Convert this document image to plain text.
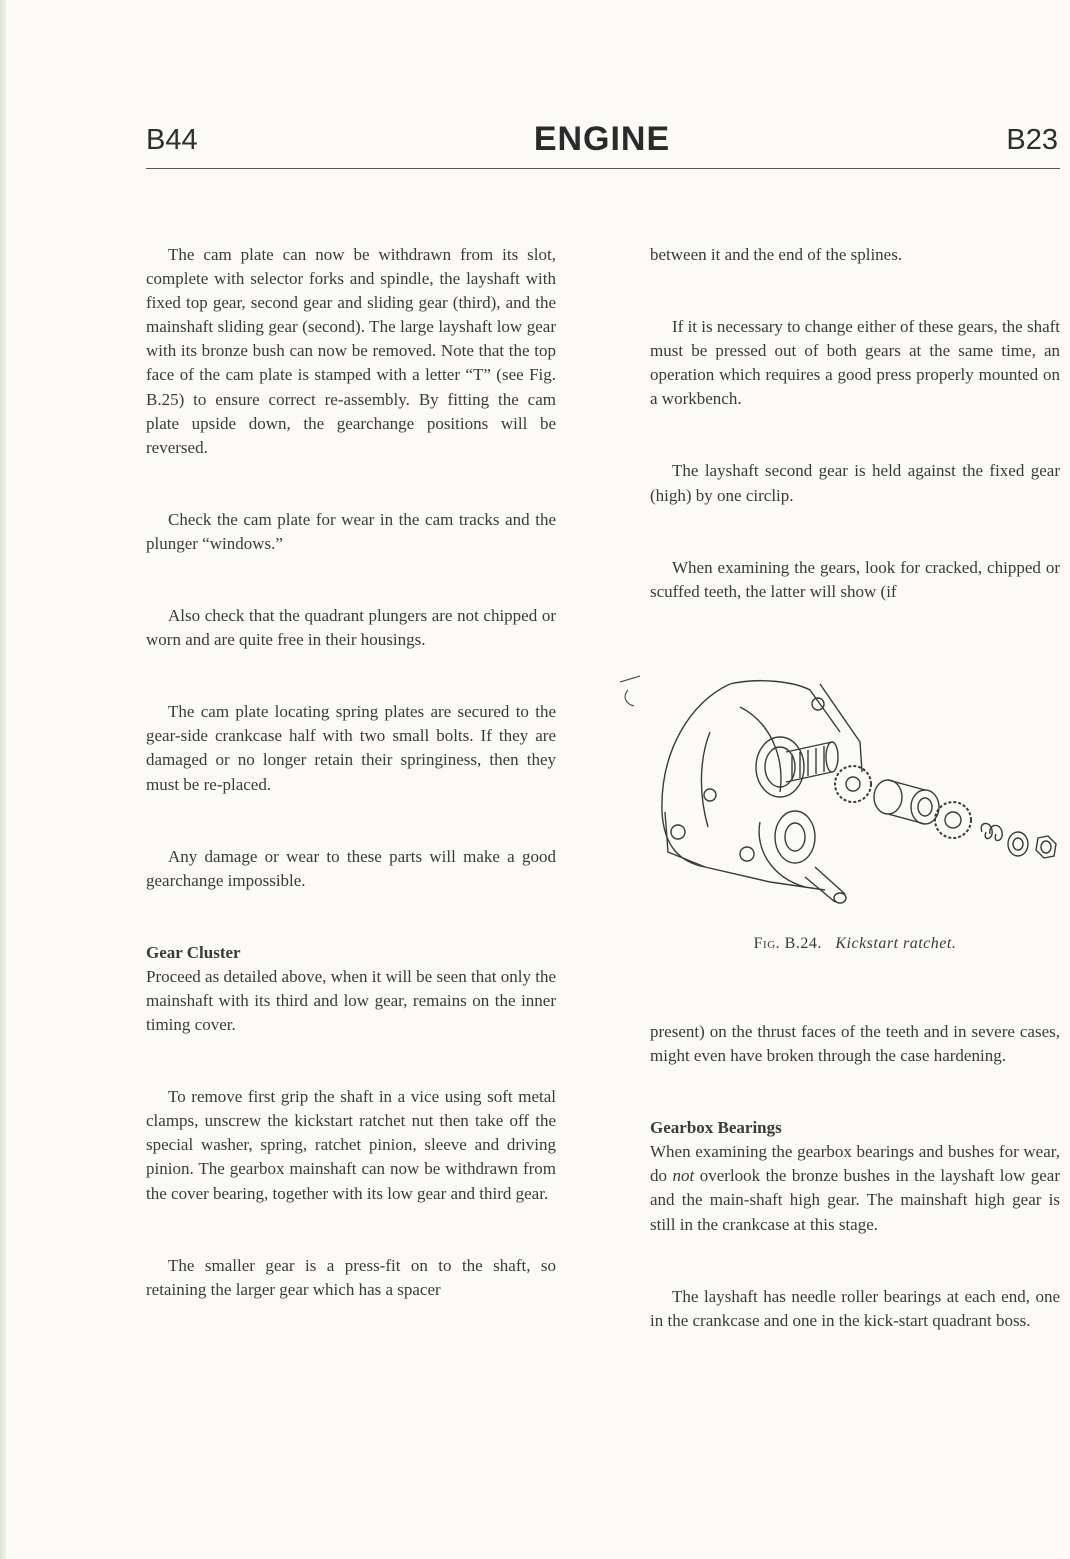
B44	ENGINE	B23

The cam plate can now be withdrawn from its slot, complete with selector forks and spindle, the layshaft with fixed top gear, second gear and sliding gear (third), and the mainshaft sliding gear (second). The large layshaft low gear with its bronze bush can now be removed. Note that the top face of the cam plate is stamped with a letter “T” (see Fig. B.25) to ensure correct re-assembly. By fitting the cam plate upside down, the gearchange positions will be reversed.

Check the cam plate for wear in the cam tracks and the plunger “windows.”

Also check that the quadrant plungers are not chipped or worn and are quite free in their housings.

The cam plate locating spring plates are secured to the gear-side crankcase half with two small bolts. If they are damaged or no longer retain their springiness, then they must be re-placed.

Any damage or wear to these parts will make a good gearchange impossible.

Gear Cluster

Proceed as detailed above, when it will be seen that only the mainshaft with its third and low gear, remains on the inner timing cover.

To remove first grip the shaft in a vice using soft metal clamps, unscrew the kickstart ratchet nut then take off the special washer, spring, ratchet pinion, sleeve and driving pinion. The gearbox mainshaft can now be withdrawn from the cover bearing, together with its low gear and third gear.

The smaller gear is a press-fit on to the shaft, so retaining the larger gear which has a spacer

between it and the end of the splines.

If it is necessary to change either of these gears, the shaft must be pressed out of both gears at the same time, an operation which requires a good press properly mounted on a workbench.

The layshaft second gear is held against the fixed gear (high) by one circlip.

When examining the gears, look for cracked, chipped or scuffed teeth, the latter will show (if

Fig. B.24. Kickstart ratchet.

present) on the thrust faces of the teeth and in severe cases, might even have broken through the case hardening.

Gearbox Bearings

When examining the gearbox bearings and bushes for wear, do not overlook the bronze bushes in the layshaft low gear and the main-shaft high gear. The mainshaft high gear is still in the crankcase at this stage.

The layshaft has needle roller bearings at each end, one in the crankcase and one in the kick-start quadrant boss.
